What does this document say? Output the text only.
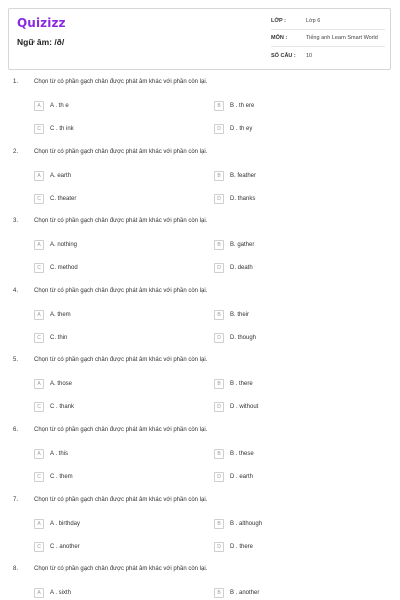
Quizizz
Ngữ âm: /ð/
LỚP :	Lớp 6
MÔN :	Tiếng anh Learn Smart World
SỐ CÂU :	10
1.	Chọn từ có phần gạch chân được phát âm khác với phần còn lại.
A	A . th e	B	B . th ere
C	C . th ink	D	D . th ey
2.	Chọn từ có phần gạch chân được phát âm khác với phần còn lại.
A	A. earth	B	B. feather
C	C. theater	D	D. thanks
3.	Chọn từ có phần gạch chân được phát âm khác với phần còn lại.
A	A. nothing	B	B. gather
C	C. method	D	D. death
4.	Chọn từ có phần gạch chân được phát âm khác với phần còn lại.
A	A. them	B	B. their
C	C. thin	D	D. though
5.	Chọn từ có phần gạch chân được phát âm khác với phần còn lại.
A	A. those	B	B . there
C	C . thank	D	D . without
6.	Chọn từ có phần gạch chân được phát âm khác với phần còn lại.
A	A . this	B	B . these
C	C . them	D	D . earth
7.	Chọn từ có phần gạch chân được phát âm khác với phần còn lại.
A	A . birthday	B	B . although
C	C . another	D	D . there
8.	Chọn từ có phần gạch chân được phát âm khác với phần còn lại.
A	A . sixth	B	B . another
